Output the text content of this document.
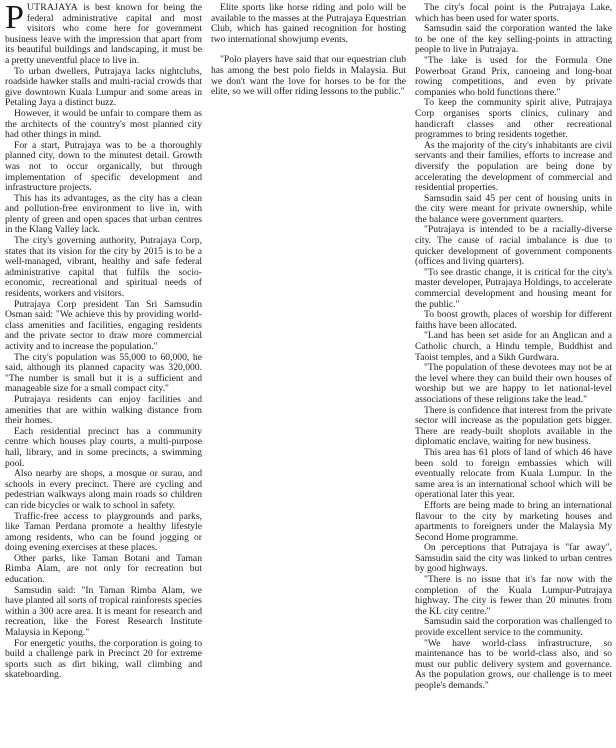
PUTRAJAYA is best known for being the federal administrative capital and most visitors who come here for government business leave with the impression that apart from its beautiful buildings and landscaping, it must be a pretty uneventful place to live in.

To urban dwellers, Putrajaya lacks nightclubs, roadside hawker stalls and multi-racial crowds that give downtown Kuala Lumpur and some areas in Petaling Jaya a distinct buzz.

However, it would be unfair to compare them as the architects of the country's most planned city had other things in mind.

For a start, Putrajaya was to be a thoroughly planned city, down to the minutest detail. Growth was not to occur organically, but through implementation of specific development and infrastructure projects.

This has its advantages, as the city has a clean and pollution-free environment to live in, with plenty of green and open spaces that urban centres in the Klang Valley lack.

The city's governing authority, Putrajaya Corp, states that its vision for the city by 2015 is to be a well-managed, vibrant, healthy and safe federal administrative capital that fulfils the socio-economic, recreational and spiritual needs of residents, workers and visitors.

Putrajaya Corp president Tan Sri Samsudin Osman said: "We achieve this by providing world-class amenities and facilities, engaging residents and the private sector to draw more commercial activity and to increase the population."

The city's population was 55,000 to 60,000, he said, although its planned capacity was 320,000. "The number is small but it is a sufficient and manageable size for a small compact city."

Putrajaya residents can enjoy facilities and amenities that are within walking distance from their homes.

Each residential precinct has a community centre which houses play courts, a multi-purpose hall, library, and in some precincts, a swimming pool.

Also nearby are shops, a mosque or surau, and schools in every precinct. There are cycling and pedestrian walkways along main roads so children can ride bicycles or walk to school in safety.

Traffic-free access to playgrounds and parks, like Taman Perdana promote a healthy lifestyle among residents, who can be found jogging or doing evening exercises at these places.

Other parks, like Taman Botani and Taman Rimba Alam, are not only for recreation but education.

Samsudin said: "In Taman Rimba Alam, we have planted all sorts of tropical rainforests species within a 300 acre area. It is meant for research and recreation, like the Forest Research Institute Malaysia in Kepong."

For energetic youths, the corporation is going to build a challenge park in Precinct 20 for extreme sports such as dirt biking, wall climbing and skateboarding.

Elite sports like horse riding and polo will be available to the masses at the Putrajaya Equestrian Club, which has gained recognition for hosting two international showjump events.

"Polo players have said that our equestrian club has among the best polo fields in Malaysia. But we don't want the love for horses to be for the elite, so we will offer riding lessons to the public."

The city's focal point is the Putrajaya Lake, which has been used for water sports.

Samsudin said the corporation wanted the lake to be one of the key selling-points in attracting people to live in Putrajaya.

"The lake is used for the Formula One Powerboat Grand Prix, canoeing and long-boat rowing competitions, and even by private companies who hold functions there."

To keep the community spirit alive, Putrajaya Corp organises sports clinics, culinary and handicraft classes and other recreational programmes to bring residents together.

As the majority of the city's inhabitants are civil servants and their families, efforts to increase and diversify the population are being done by accelerating the development of commercial and residential properties.

Samsudin said 45 per cent of housing units in the city were meant for private ownership, while the balance were government quarters.

"Putrajaya is intended to be a racially-diverse city. The cause of racial imbalance is due to quicker development of government components (offices and living quarters).

"To see drastic change, it is critical for the city's master developer, Putrajaya Holdings, to accelerate commercial development and housing meant for the public."

To boost growth, places of worship for different faiths have been allocated.

"Land has been set aside for an Anglican and a Catholic church, a Hindu temple, Buddhist and Taoist temples, and a Sikh Gurdwara.

"The population of these devotees may not be at the level where they can build their own houses of worship but we are happy to let national-level associations of these religions take the lead."

There is confidence that interest from the private sector will increase as the population gets bigger. There are ready-built shoplots available in the diplomatic enclave, waiting for new business.

This area has 61 plots of land of which 46 have been sold to foreign embassies which will eventually relocate from Kuala Lumpur. In the same area is an international school which will be operational later this year.

Efforts are being made to bring an international flavour to the city by marketing houses and apartments to foreigners under the Malaysia My Second Home programme.

On perceptions that Putrajaya is "far away", Samsudin said the city was linked to urban centres by good highways.

"There is no issue that it's far now with the completion of the Kuala Lumpur-Putrajaya highway. The city is fewer than 20 minutes from the KL city centre."

Samsudin said the corporation was challenged to provide excellent service to the community.

"We have world-class infrastructure, so maintenance has to be world-class also, and so must our public delivery system and governance. As the population grows, our challenge is to meet people's demands."
